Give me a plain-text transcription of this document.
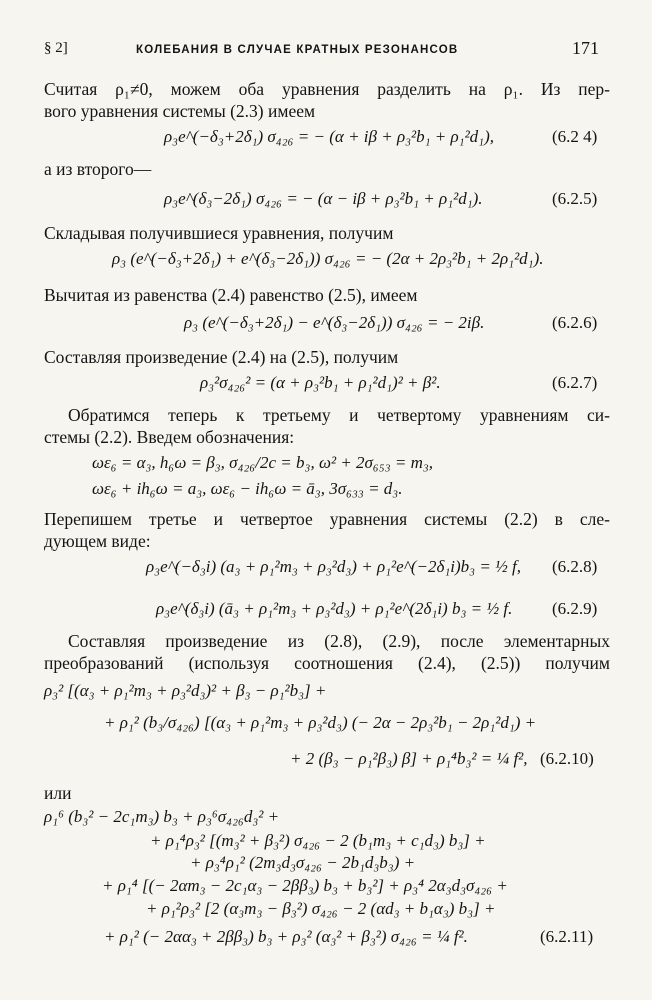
§ 2]	КОЛЕБАНИЯ В СЛУЧАЕ КРАТНЫХ РЕЗОНАНСОВ	171
Считая ρ₁≠0, можем оба уравнения разделить на ρ₁. Из пер-
вого уравнения системы (2.3) имеем
ρ₃e^(−δ₃+2δ₁) σ₄₂₆ = − (α + iβ + ρ₃²b₁ + ρ₁²d₁),	(6.2 4)
а из второго—
ρ₃e^(δ₃−2δ₁) σ₄₂₆ = − (α − iβ + ρ₃²b₁ + ρ₁²d₁).	(6.2.5)
Складывая получившиеся уравнения, получим
ρ₃ (e^(−δ₃+2δ₁) + e^(δ₃−2δ₁)) σ₄₂₆ = − (2α + 2ρ₃²b₁ + 2ρ₁²d₁).
Вычитая из равенства (2.4) равенство (2.5), имеем
ρ₃ (e^(−δ₃+2δ₁) − e^(δ₃−2δ₁)) σ₄₂₆ = − 2iβ.	(6.2.6)
Составляя произведение (2.4) на (2.5), получим
ρ₃²σ₄₂₆² = (α + ρ₃²b₁ + ρ₁²d₁)² + β².	(6.2.7)
Обратимся теперь к третьему и четвертому уравнениям си-
стемы (2.2). Введем обозначения:
ωε₆ = α₃, h₆ω = β₃, σ₄₂₆/2c = b₃, ω² + 2σ₆₅₃ = m₃,
ωε₆ + ih₆ω = a₃, ωε₆ − ih₆ω = ā₃, 3σ₆₃₃ = d₃.
Перепишем третье и четвертое уравнения системы (2.2) в сле-
дующем виде:
ρ₃e^(−δ₃i) (a₃ + ρ₁²m₃ + ρ₃²d₃) + ρ₁²e^(−2δ₁i)b₃ = ½ f, (6.2.8)
ρ₃e^(δ₃i) (ā₃ + ρ₁²m₃ + ρ₃²d₃) + ρ₁²e^(2δ₁i) b₃ = ½ f. (6.2.9)
Составляя произведение из (2.8), (2.9), после элементарных
преобразований (используя соотношения (2.4), (2.5)) получим
ρ₃² [(α₃ + ρ₁²m₃ + ρ₃²d₃)² + β₃ − ρ₁²b₃] +
+ ρ₁² (b₃/σ₄₂₆) [(α₃ + ρ₁²m₃ + ρ₃²d₃) (− 2α − 2ρ₃²b₁ − 2ρ₁²d₁) +
+ 2 (β₃ − ρ₁²β₃) β] + ρ₁⁴b₃² = ¼ f², (6.2.10)
или
ρ₁⁶ (b₃² − 2c₁m₃) b₃ + ρ₃⁶σ₄₂₆d₃² +
+ ρ₁⁴ρ₃² [(m₃² + β₃²) σ₄₂₆ − 2 (b₁m₃ + c₁d₃) b₃] +
+ ρ₃⁴ρ₁² (2m₃d₃σ₄₂₆ − 2b₁d₃b₃) +
+ ρ₁⁴ [(− 2αm₃ − 2c₁α₃ − 2ββ₃) b₃ + b₃²] + ρ₃⁴ 2α₃d₃σ₄₂₆ +
+ ρ₁²ρ₃² [2 (α₃m₃ − β₃²) σ₄₂₆ − 2 (αd₃ + b₁α₃) b₃] +
+ ρ₁² (− 2αα₃ + 2ββ₃) b₃ + ρ₃² (α₃² + β₃²) σ₄₂₆ = ¼ f².	(6.2.11)
